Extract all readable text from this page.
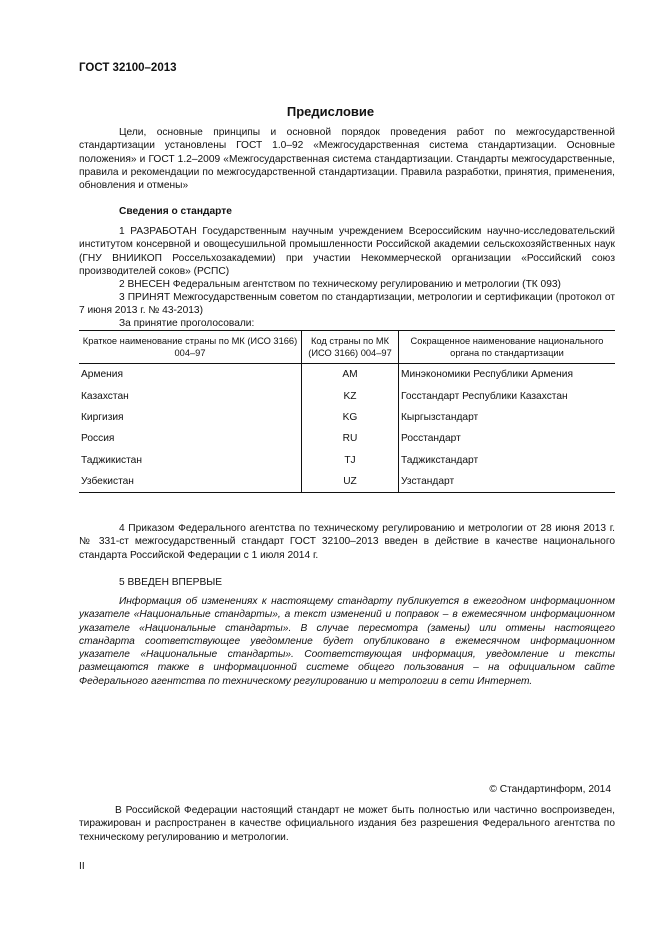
ГОСТ 32100–2013
Предисловие
Цели, основные принципы и основной порядок проведения работ по межгосударственной стандартизации установлены ГОСТ 1.0–92 «Межгосударственная система стандартизации. Основные положения» и ГОСТ 1.2–2009 «Межгосударственная система стандартизации. Стандарты межгосударственные, правила и рекомендации по межгосударственной стандартизации. Правила разработки, принятия, применения, обновления и отмены»
Сведения о стандарте
1 РАЗРАБОТАН Государственным научным учреждением Всероссийским научно-исследовательский институтом консервной и овощесушильной промышленности Российской академии сельскохозяйственных наук (ГНУ ВНИИКОП Россельхозакадемии) при участии Некоммерческой организации «Российский союз производителей соков» (РСПС)
2 ВНЕСЕН Федеральным агентством по техническому регулированию и метрологии (ТК 093)
3 ПРИНЯТ Межгосударственным советом по стандартизации, метрологии и сертификации (протокол от 7 июня 2013 г. № 43-2013)
За принятие проголосовали:
Краткое наименование страны по МК (ИСО 3166) 004–97	Код страны по МК (ИСО 3166) 004–97	Сокращенное наименование национального органа по стандартизации
Армения	AM	Минэкономики Республики Армения
Казахстан	KZ	Госстандарт Республики Казахстан
Киргизия	KG	Кыргызстандарт
Россия	RU	Росстандарт
Таджикистан	TJ	Таджикстандарт
Узбекистан	UZ	Узстандарт
4 Приказом Федерального агентства по техническому регулированию и метрологии от 28 июня 2013 г. № 331-ст межгосударственный стандарт ГОСТ 32100–2013 введен в действие в качестве национального стандарта Российской Федерации с 1 июля 2014 г.
5 ВВЕДЕН ВПЕРВЫЕ
Информация об изменениях к настоящему стандарту публикуется в ежегодном информационном указателе «Национальные стандарты», а текст изменений и поправок – в ежемесячном информационном указателе «Национальные стандарты». В случае пересмотра (замены) или отмены настоящего стандарта соответствующее уведомление будет опубликовано в ежемесячном информационном указателе «Национальные стандарты». Соответствующая информация, уведомление и тексты размещаются также в информационной системе общего пользования – на официальном сайте Федерального агентства по техническому регулированию и метрологии в сети Интернет.
© Стандартинформ, 2014
В Российской Федерации настоящий стандарт не может быть полностью или частично воспроизведен, тиражирован и распространен в качестве официального издания без разрешения Федерального агентства по техническому регулированию и метрологии.
II
